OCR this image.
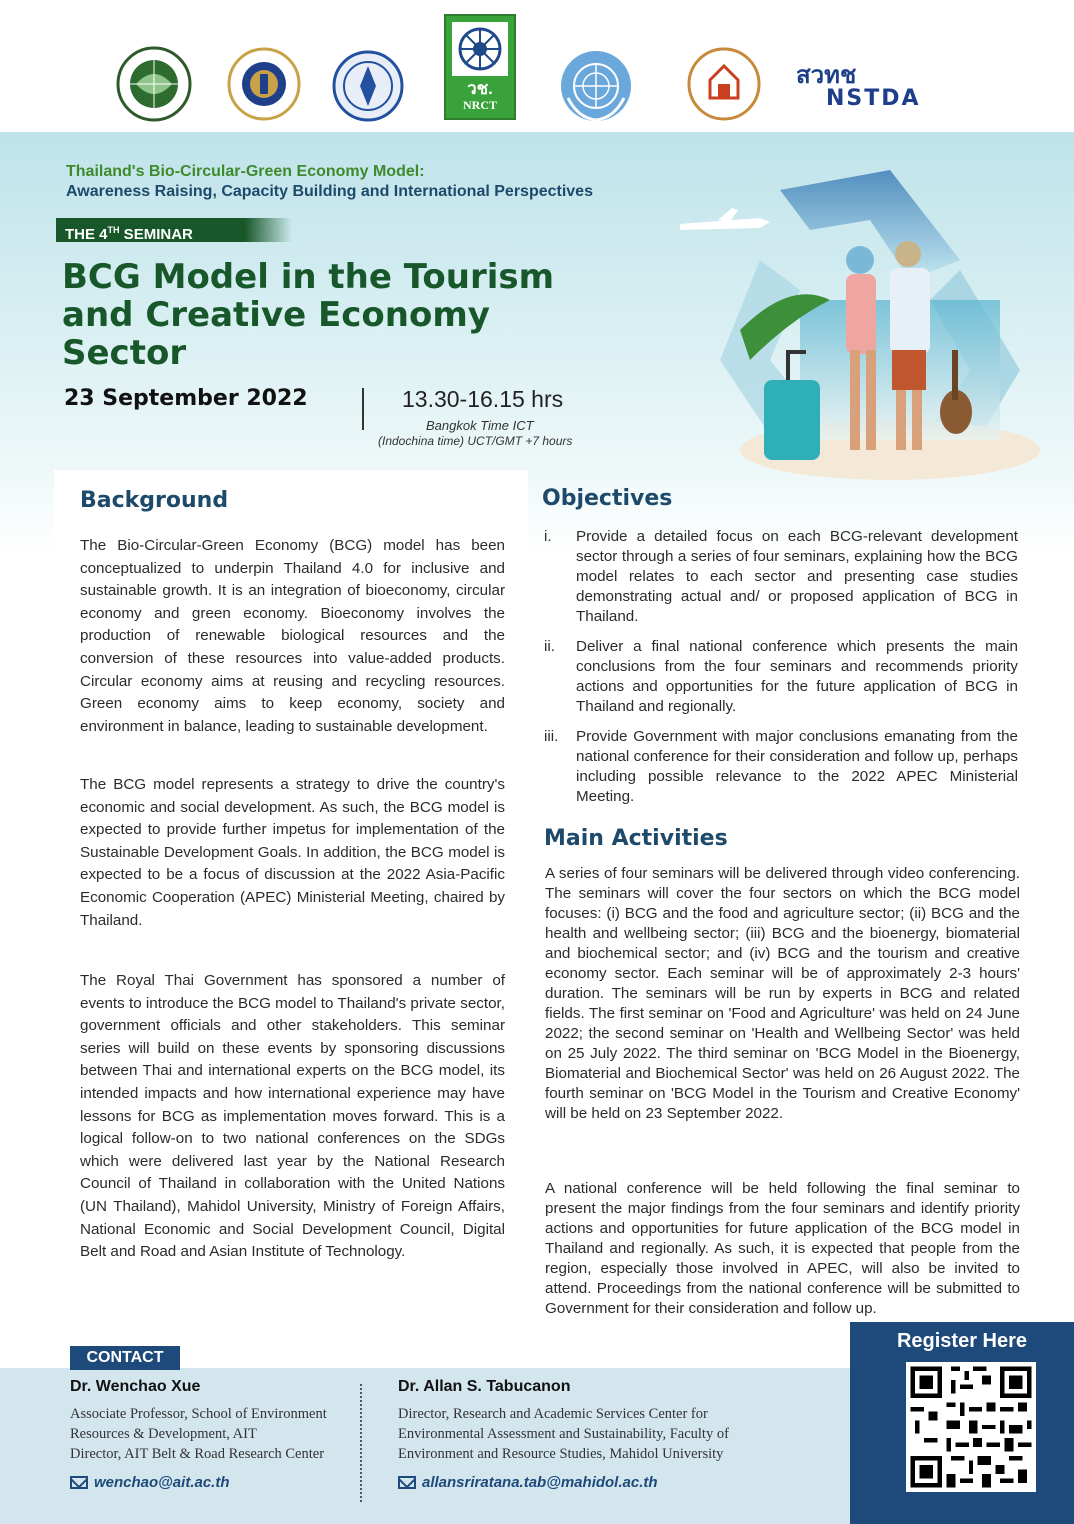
วช.
NRCT
สวทช
NSTDA
Thailand's Bio-Circular-Green Economy Model:
Awareness Raising, Capacity Building and International Perspectives
THE 4TH SEMINAR
BCG Model in the Tourism and Creative Economy Sector
23 September 2022	13.30-16.15 hrs
Bangkok Time ICT
(Indochina time) UCT/GMT +7 hours
Background

The Bio-Circular-Green Economy (BCG) model has been conceptualized to underpin Thailand 4.0 for inclusive and sustainable growth. It is an integration of bioeconomy, circular economy and green economy. Bioeconomy involves the production of renewable biological resources and the conversion of these resources into value-added products. Circular economy aims at reusing and recycling resources. Green economy aims to keep economy, society and environment in balance, leading to sustainable development.

The BCG model represents a strategy to drive the country's economic and social development. As such, the BCG model is expected to provide further impetus for implementation of the Sustainable Development Goals. In addition, the BCG model is expected to be a focus of discussion at the 2022 Asia-Pacific Economic Cooperation (APEC) Ministerial Meeting, chaired by Thailand.

The Royal Thai Government has sponsored a number of events to introduce the BCG model to Thailand's private sector, government officials and other stakeholders. This seminar series will build on these events by sponsoring discussions between Thai and international experts on the BCG model, its intended impacts and how international experience may have lessons for BCG as implementation moves forward. This is a logical follow-on to two national conferences on the SDGs which were delivered last year by the National Research Council of Thailand in collaboration with the United Nations (UN Thailand), Mahidol University, Ministry of Foreign Affairs, National Economic and Social Development Council, Digital Belt and Road and Asian Institute of Technology.

Objectives
i. Provide a detailed focus on each BCG-relevant development sector through a series of four seminars, explaining how the BCG model relates to each sector and presenting case studies demonstrating actual and/ or proposed application of BCG in Thailand.
ii. Deliver a final national conference which presents the main conclusions from the four seminars and recommends priority actions and opportunities for the future application of BCG in Thailand and regionally.
iii. Provide Government with major conclusions emanating from the national conference for their consideration and follow up, perhaps including possible relevance to the 2022 APEC Ministerial Meeting.
Main Activities

A series of four seminars will be delivered through video conferencing. The seminars will cover the four sectors on which the BCG model focuses: (i) BCG and the food and agriculture sector; (ii) BCG and the health and wellbeing sector; (iii) BCG and the bioenergy, biomaterial and biochemical sector; and (iv) BCG and the tourism and creative economy sector. Each seminar will be of approximately 2-3 hours' duration. The seminars will be run by experts in BCG and related fields. The first seminar on 'Food and Agriculture' was held on 24 June 2022; the second seminar on 'Health and Wellbeing Sector' was held on 25 July 2022. The third seminar on 'BCG Model in the Bioenergy, Biomaterial and Biochemical Sector' was held on 26 August 2022. The fourth seminar on 'BCG Model in the Tourism and Creative Economy' will be held on 23 September 2022.

A national conference will be held following the final seminar to present the major findings from the four seminars and identify priority actions and opportunities for future application of the BCG model in Thailand and regionally. As such, it is expected that people from the region, especially those involved in APEC, will also be invited to attend. Proceedings from the national conference will be submitted to Government for their consideration and follow up.

CONTACT
Dr. Wenchao Xue
Associate Professor, School of Environment
Resources & Development, AIT
Director, AIT Belt & Road Research Center
wenchao@ait.ac.th
Dr. Allan S. Tabucanon
Director, Research and Academic Services Center for
Environmental Assessment and Sustainability, Faculty of
Environment and Resource Studies, Mahidol University
allansriratana.tab@mahidol.ac.th
Register Here
